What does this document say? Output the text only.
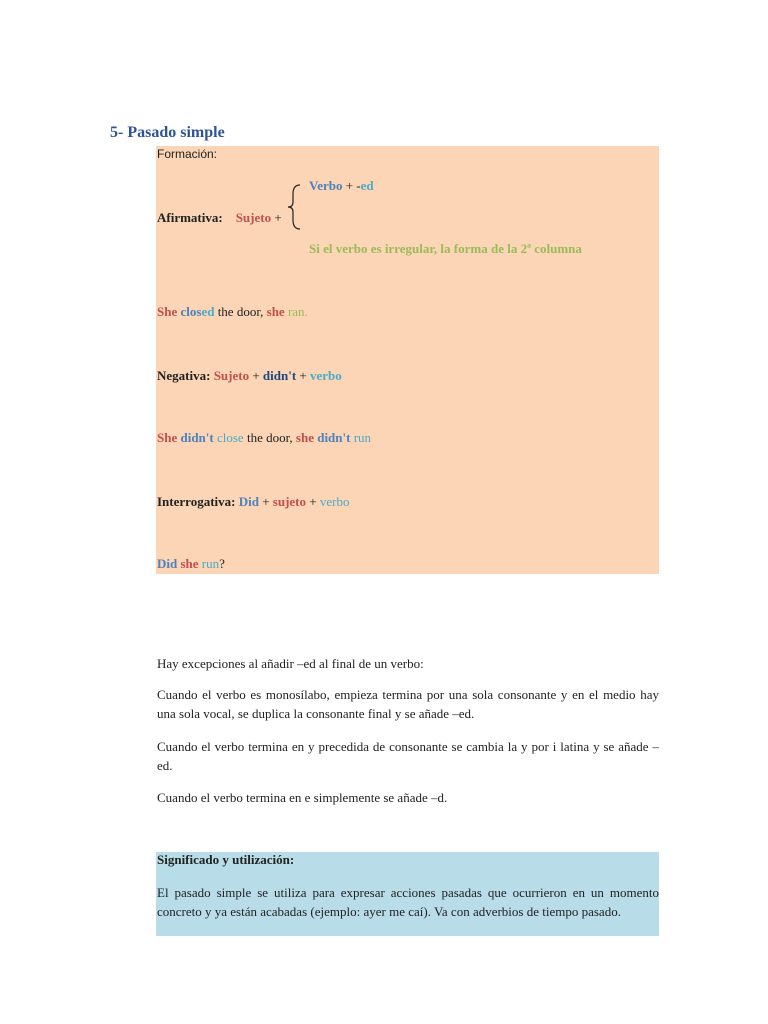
5- Pasado simple
Formación:
Afirmativa: Sujeto +
Verbo + -ed
Si el verbo es irregular, la forma de la 2ª columna
She closed the door, she ran.
Negativa: Sujeto + didn't + verbo
She didn't close the door, she didn't run
Interrogativa: Did + sujeto + verbo
Did she run?
Hay excepciones al añadir –ed al final de un verbo:
Cuando el verbo es monosílabo, empieza termina por una sola consonante y en el medio hay una sola vocal, se duplica la consonante final y se añade –ed.
Cuando el verbo termina en y precedida de consonante se cambia la y por i latina y se añade –ed.
Cuando el verbo termina en e simplemente se añade –d.
Significado y utilización:
El pasado simple se utiliza para expresar acciones pasadas que ocurrieron en un momento concreto y ya están acabadas (ejemplo: ayer me caí). Va con adverbios de tiempo pasado.
